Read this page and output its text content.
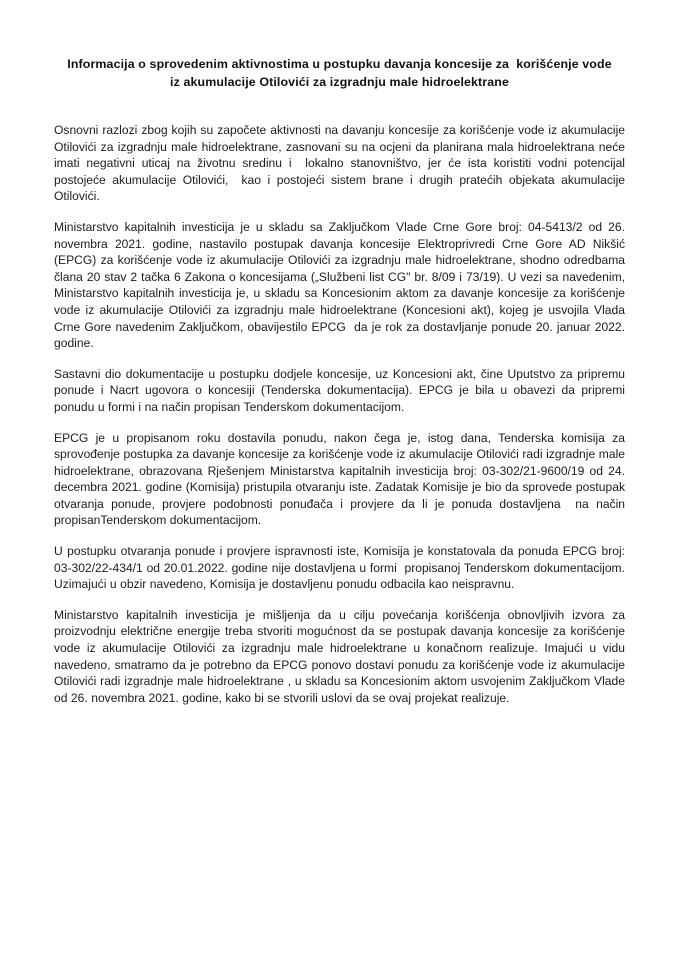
Informacija o sprovedenim aktivnostima u postupku davanja koncesije za  korišćenje vode iz akumulacije Otilovići za izgradnju male hidroelektrane

Osnovni razlozi zbog kojih su započete aktivnosti na davanju koncesije za korišćenje vode iz akumulacije Otilovići za izgradnju male hidroelektrane, zasnovani su na ocjeni da planirana mala hidroelektrana neće imati negativni uticaj na životnu sredinu i  lokalno stanovništvo, jer će ista koristiti vodni potencijal postojeće akumulacije Otilovići,  kao i postojeći sistem brane i drugih pratećih objekata akumulacije Otilovići.

Ministarstvo kapitalnih investicija je u skladu sa Zaključkom Vlade Crne Gore broj: 04-5413/2 od 26. novembra 2021. godine, nastavilo postupak davanja koncesije Elektroprivredi Crne Gore AD Nikšić (EPCG) za korišćenje vode iz akumulacije Otilovići za izgradnju male hidroelektrane, shodno odredbama člana 20 stav 2 tačka 6 Zakona o koncesijama („Službeni list CG" br. 8/09 i 73/19). U vezi sa navedenim, Ministarstvo kapitalnih investicija je, u skladu sa Koncesionim aktom za davanje koncesije za korišćenje vode iz akumulacije Otilovići za izgradnju male hidroelektrane (Koncesioni akt), kojeg je usvojila Vlada Crne Gore navedenim Zaključkom, obavijestilo EPCG  da je rok za dostavljanje ponude 20. januar 2022. godine.

Sastavni dio dokumentacije u postupku dodjele koncesije, uz Koncesioni akt, čine Uputstvo za pripremu ponude i Nacrt ugovora o koncesiji (Tenderska dokumentacija). EPCG je bila u obavezi da pripremi ponudu u formi i na način propisan Tenderskom dokumentacijom.

EPCG je u propisanom roku dostavila ponudu, nakon čega je, istog dana, Tenderska komisija za sprovođenje postupka za davanje koncesije za korišćenje vode iz akumulacije Otilovići radi izgradnje male hidroelektrane, obrazovana Rješenjem Ministarstva kapitalnih investicija broj: 03-302/21-9600/19 od 24. decembra 2021. godine (Komisija) pristupila otvaranju iste. Zadatak Komisije je bio da sprovede postupak otvaranja ponude, provjere podobnosti ponuđača i provjere da li je ponuda dostavljena  na način propisanTenderskom dokumentacijom.

U postupku otvaranja ponude i provjere ispravnosti iste, Komisija je konstatovala da ponuda EPCG broj: 03-302/22-434/1 od 20.01.2022. godine nije dostavljena u formi  propisanoj Tenderskom dokumentacijom. Uzimajući u obzir navedeno, Komisija je dostavljenu ponudu odbacila kao neispravnu.

Ministarstvo kapitalnih investicija je mišljenja da u cilju povećanja korišćenja obnovljivih izvora za proizvodnju električne energije treba stvoriti mogućnost da se postupak davanja koncesije za korišćenje vode iz akumulacije Otilovići za izgradnju male hidroelektrane u konačnom realizuje. Imajući u vidu navedeno, smatramo da je potrebno da EPCG ponovo dostavi ponudu za korišćenje vode iz akumulacije Otilovići radi izgradnje male hidroelektrane , u skladu sa Koncesionim aktom usvojenim Zaključkom Vlade od 26. novembra 2021. godine, kako bi se stvorili uslovi da se ovaj projekat realizuje.
